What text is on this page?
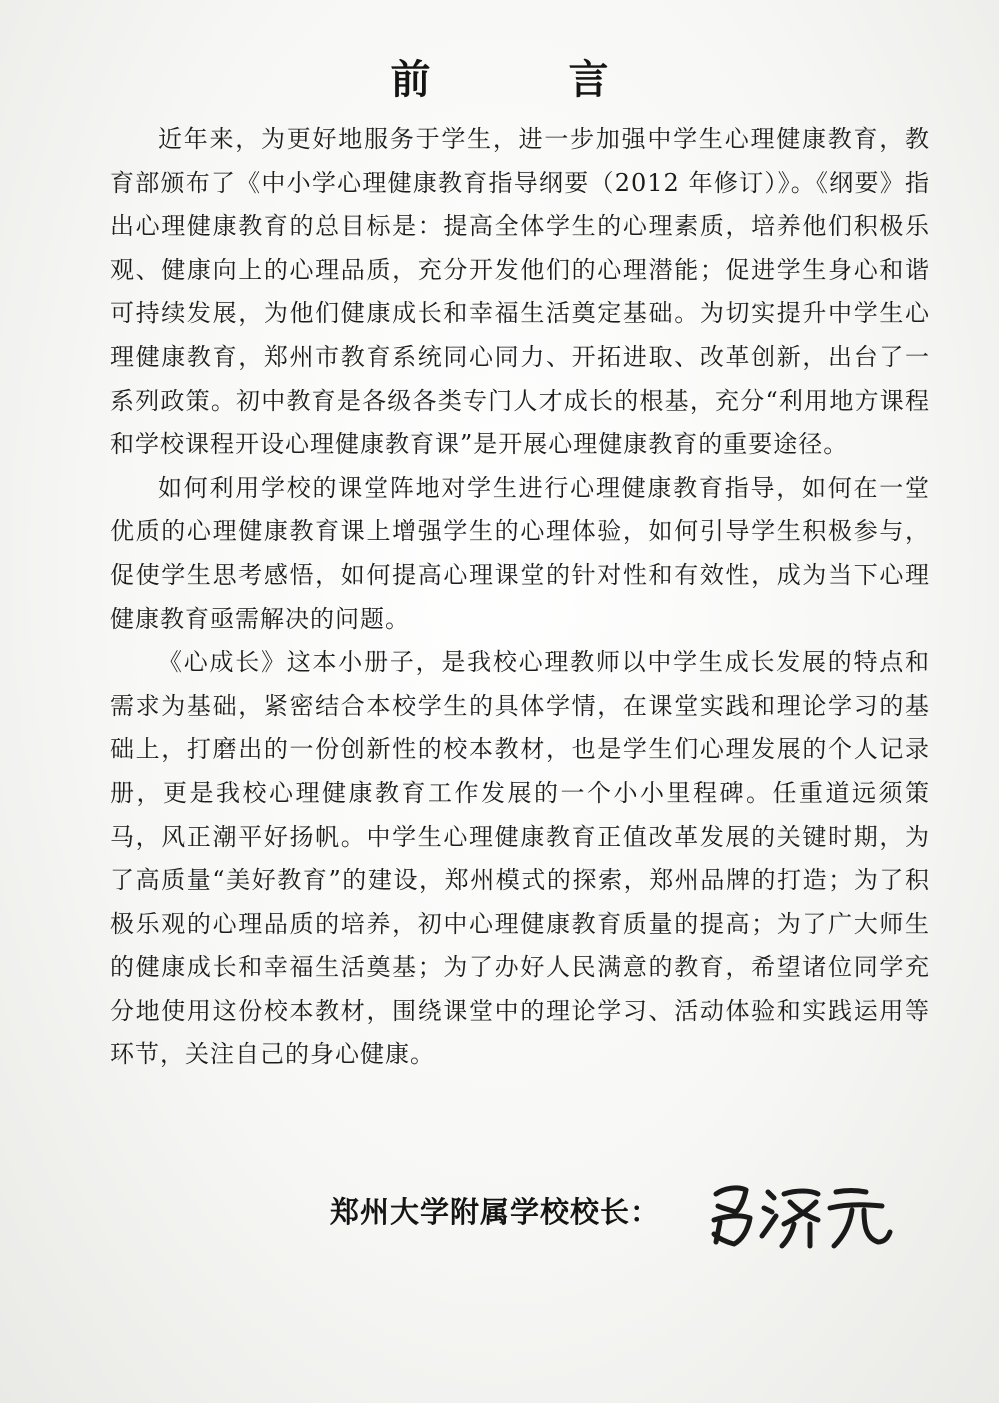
前 言

近年来，为更好地服务于学生，进一步加强中学生心理健康教育，教育部颁布了《中小学心理健康教育指导纲要（2012 年修订）》。《纲要》指出心理健康教育的总目标是：提高全体学生的心理素质，培养他们积极乐观、健康向上的心理品质，充分开发他们的心理潜能；促进学生身心和谐可持续发展，为他们健康成长和幸福生活奠定基础。为切实提升中学生心理健康教育，郑州市教育系统同心同力、开拓进取、改革创新，出台了一系列政策。初中教育是各级各类专门人才成长的根基，充分“利用地方课程和学校课程开设心理健康教育课”是开展心理健康教育的重要途径。

如何利用学校的课堂阵地对学生进行心理健康教育指导，如何在一堂优质的心理健康教育课上增强学生的心理体验，如何引导学生积极参与，促使学生思考感悟，如何提高心理课堂的针对性和有效性，成为当下心理健康教育亟需解决的问题。

《心成长》这本小册子，是我校心理教师以中学生成长发展的特点和需求为基础，紧密结合本校学生的具体学情，在课堂实践和理论学习的基础上，打磨出的一份创新性的校本教材，也是学生们心理发展的个人记录册，更是我校心理健康教育工作发展的一个小小里程碑。任重道远须策马，风正潮平好扬帆。中学生心理健康教育正值改革发展的关键时期，为了高质量“美好教育”的建设，郑州模式的探索，郑州品牌的打造；为了积极乐观的心理品质的培养，初中心理健康教育质量的提高；为了广大师生的健康成长和幸福生活奠基；为了办好人民满意的教育，希望诸位同学充分地使用这份校本教材，围绕课堂中的理论学习、活动体验和实践运用等环节，关注自己的身心健康。

郑州大学附属学校校长：
